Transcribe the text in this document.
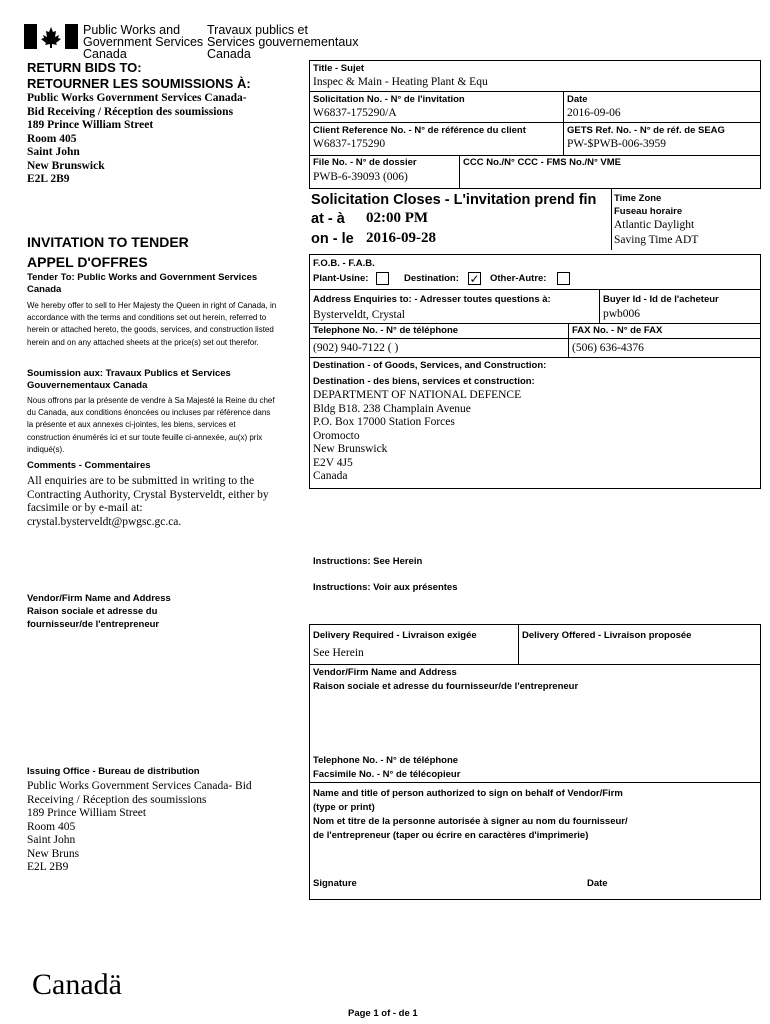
Public Works and
Government Services
Canada
Travaux publics et
Services gouvernementaux
Canada
RETURN BIDS TO:
RETOURNER LES SOUMISSIONS À:
Public Works Government Services Canada-
Bid Receiving / Réception des soumissions
189 Prince William Street
Room 405
Saint John
New Brunswick
E2L 2B9
INVITATION TO TENDER
APPEL D'OFFRES
Tender To: Public Works and Government Services Canada
We hereby offer to sell to Her Majesty the Queen in right of Canada, in accordance with the terms and conditions set out herein, referred to herein or attached hereto, the goods, services, and construction listed herein and on any attached sheets at the price(s) set out therefor.
Soumission aux: Travaux Publics et Services Gouvernementaux Canada
Nous offrons par la présente de vendre à Sa Majesté la Reine du chef du Canada, aux conditions énoncées ou incluses par référence dans la présente et aux annexes ci-jointes, les biens, services et construction énumérés ici et sur toute feuille ci-annexée, au(x) prix indiqué(s).
Comments - Commentaires
All enquiries are to be submitted in writing to the Contracting Authority, Crystal Bysterveldt, either by facsimile or by e-mail at: crystal.bysterveldt@pwgsc.gc.ca.
Vendor/Firm Name and Address
Raison sociale et adresse du
fournisseur/de l'entrepreneur
Issuing Office - Bureau de distribution
Public Works Government Services Canada- Bid
Receiving / Réception des soumissions
189 Prince William Street
Room 405
Saint John
New Bruns
E2L 2B9
Canadä
Page 1 of - de 1
Title - Sujet
Inspec & Main - Heating Plant & Equ
Solicitation No. - N° de l'invitation
W6837-175290/A
Date
2016-09-06
Client Reference No. - N° de référence du client
W6837-175290
GETS Ref. No. - N° de réf. de SEAG
PW-$PWB-006-3959
File No. - N° de dossier
PWB-6-39093 (006)
CCC No./N° CCC - FMS No./N° VME
Solicitation Closes - L'invitation prend fin
at - à 02:00 PM
on - le 2016-09-28
Time Zone
Fuseau horaire
Atlantic Daylight
Saving Time ADT
F.O.B. - F.A.B.
Plant-Usine:	Destination: ✓ Other-Autre:
Address Enquiries to: - Adresser toutes questions à:
Bysterveldt, Crystal
Buyer Id - Id de l'acheteur
pwb006
Telephone No. - N° de téléphone
(902) 940-7122 ( )
FAX No. - N° de FAX
(506) 636-4376
Destination - of Goods, Services, and Construction:
Destination - des biens, services et construction:
DEPARTMENT OF NATIONAL DEFENCE
Bldg B18. 238 Champlain Avenue
P.O. Box 17000 Station Forces
Oromocto
New Brunswick
E2V 4J5
Canada
Instructions: See Herein
Instructions: Voir aux présentes
Delivery Required - Livraison exigée
See Herein
Delivery Offered - Livraison proposée
Vendor/Firm Name and Address
Raison sociale et adresse du fournisseur/de l'entrepreneur
Telephone No. - N° de téléphone
Facsimile No. - N° de télécopieur
Name and title of person authorized to sign on behalf of Vendor/Firm
(type or print)
Nom et titre de la personne autorisée à signer au nom du fournisseur/
de l'entrepreneur (taper ou écrire en caractères d'imprimerie)
Signature	Date
